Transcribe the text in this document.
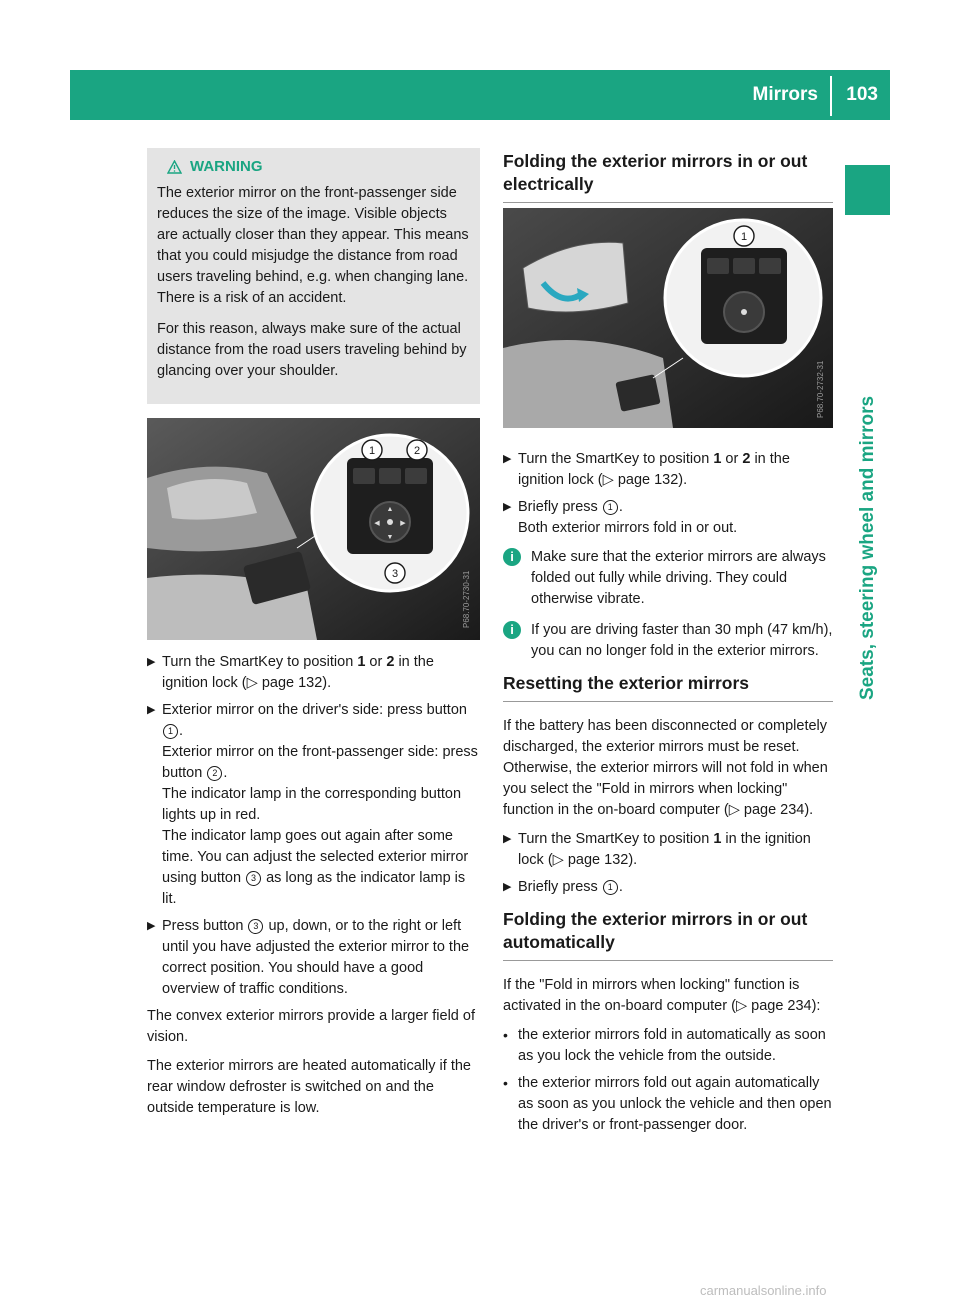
Mirrors 103
Seats, steering wheel and mirrors
WARNING

The exterior mirror on the front-passenger side reduces the size of the image. Visible objects are actually closer than they appear. This means that you could misjudge the distance from road users traveling behind, e.g. when changing lane. There is a risk of an accident.

For this reason, always make sure of the actual distance from the road users traveling behind by glancing over your shoulder.

▲
▼
◀	▶
1	2
3	P68.70-2730-31
1
P68.70-2732-31
▶ Turn the SmartKey to position 1 or 2 in the ignition lock (▷ page 132).
▶ Exterior mirror on the driver's side: press button 1 .
Exterior mirror on the front-passenger side: press button 2 .
The indicator lamp in the corresponding button lights up in red.
The indicator lamp goes out again after some time. You can adjust the selected exterior mirror using button 3 as long as the indicator lamp is lit.
▶ Press button 3 up, down, or to the right or left until you have adjusted the exterior mirror to the correct position. You should have a good overview of traffic conditions.

The convex exterior mirrors provide a larger field of vision.

The exterior mirrors are heated automatically if the rear window defroster is switched on and the outside temperature is low.

Folding the exterior mirrors in or out electrically
▶ Turn the SmartKey to position 1 or 2 in the ignition lock (▷ page 132).
▶ Briefly press 1 .
Both exterior mirrors fold in or out.
i	Make sure that the exterior mirrors are always folded out fully while driving. They could otherwise vibrate.
i	If you are driving faster than 30 mph (47 km/h), you can no longer fold in the exterior mirrors.
Resetting the exterior mirrors

If the battery has been disconnected or completely discharged, the exterior mirrors must be reset. Otherwise, the exterior mirrors will not fold in when you select the "Fold in mirrors when locking" function in the on-board computer (▷ page 234).

▶ Turn the SmartKey to position 1 in the ignition lock (▷ page 132).
▶ Briefly press 1 .
Folding the exterior mirrors in or out automatically

If the "Fold in mirrors when locking" function is activated in the on-board computer (▷ page 234):

• the exterior mirrors fold in automatically as soon as you lock the vehicle from the outside.
• the exterior mirrors fold out again automatically as soon as you unlock the vehicle and then open the driver's or front-passenger door.
carmanualsonline.info
